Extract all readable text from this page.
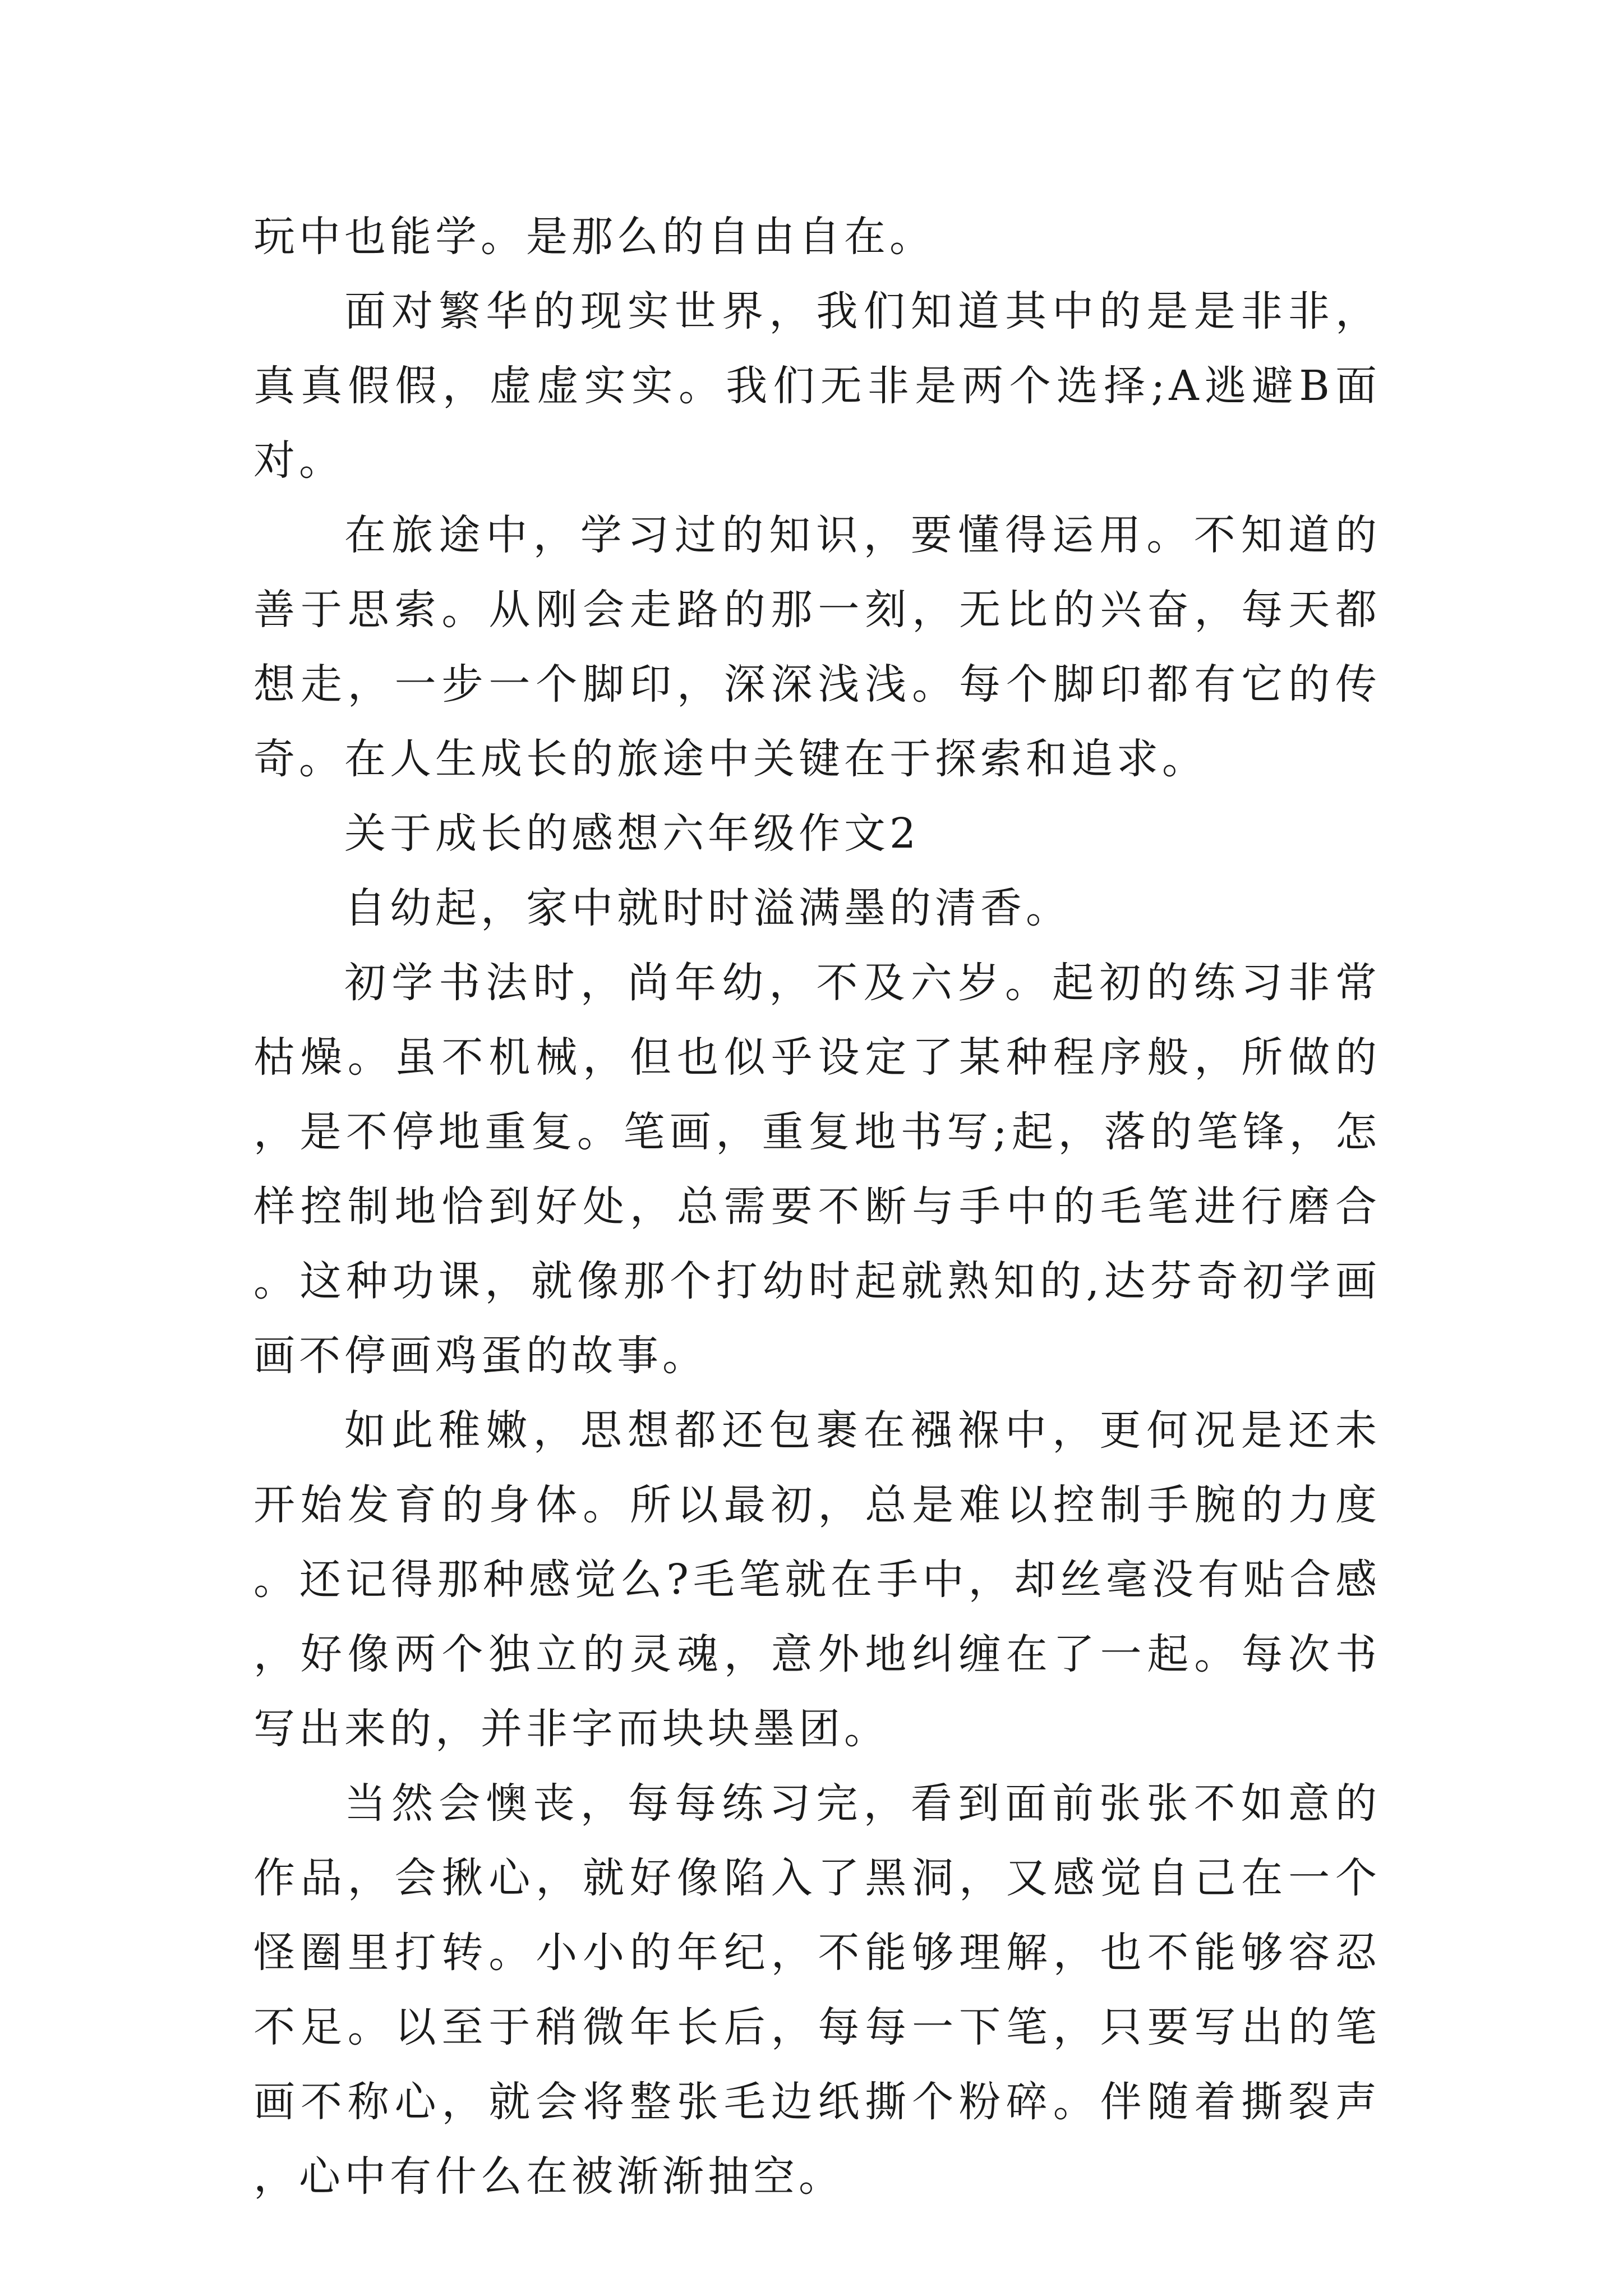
玩中也能学。是那么的自由自在。

面对繁华的现实世界，我们知道其中的是是非非，真真假假，虚虚实实。我们无非是两个选择;A逃避B面对。

在旅途中，学习过的知识，要懂得运用。不知道的善于思索。从刚会走路的那一刻，无比的兴奋，每天都想走，一步一个脚印，深深浅浅。每个脚印都有它的传奇。在人生成长的旅途中关键在于探索和追求。

关于成长的感想六年级作文2

自幼起，家中就时时溢满墨的清香。

初学书法时，尚年幼，不及六岁。起初的练习非常枯燥。虽不机械，但也似乎设定了某种程序般，所做的，是不停地重复。笔画，重复地书写;起，落的笔锋，怎样控制地恰到好处，总需要不断与手中的毛笔进行磨合。这种功课，就像那个打幼时起就熟知的,达芬奇初学画画不停画鸡蛋的故事。

如此稚嫩，思想都还包裹在襁褓中，更何况是还未开始发育的身体。所以最初，总是难以控制手腕的力度。还记得那种感觉么?毛笔就在手中，却丝毫没有贴合感，好像两个独立的灵魂，意外地纠缠在了一起。每次书写出来的，并非字而块块墨团。

当然会懊丧，每每练习完，看到面前张张不如意的作品，会揪心，就好像陷入了黑洞，又感觉自己在一个怪圈里打转。小小的年纪，不能够理解，也不能够容忍不足。以至于稍微年长后，每每一下笔，只要写出的笔画不称心，就会将整张毛边纸撕个粉碎。伴随着撕裂声，心中有什么在被渐渐抽空。
